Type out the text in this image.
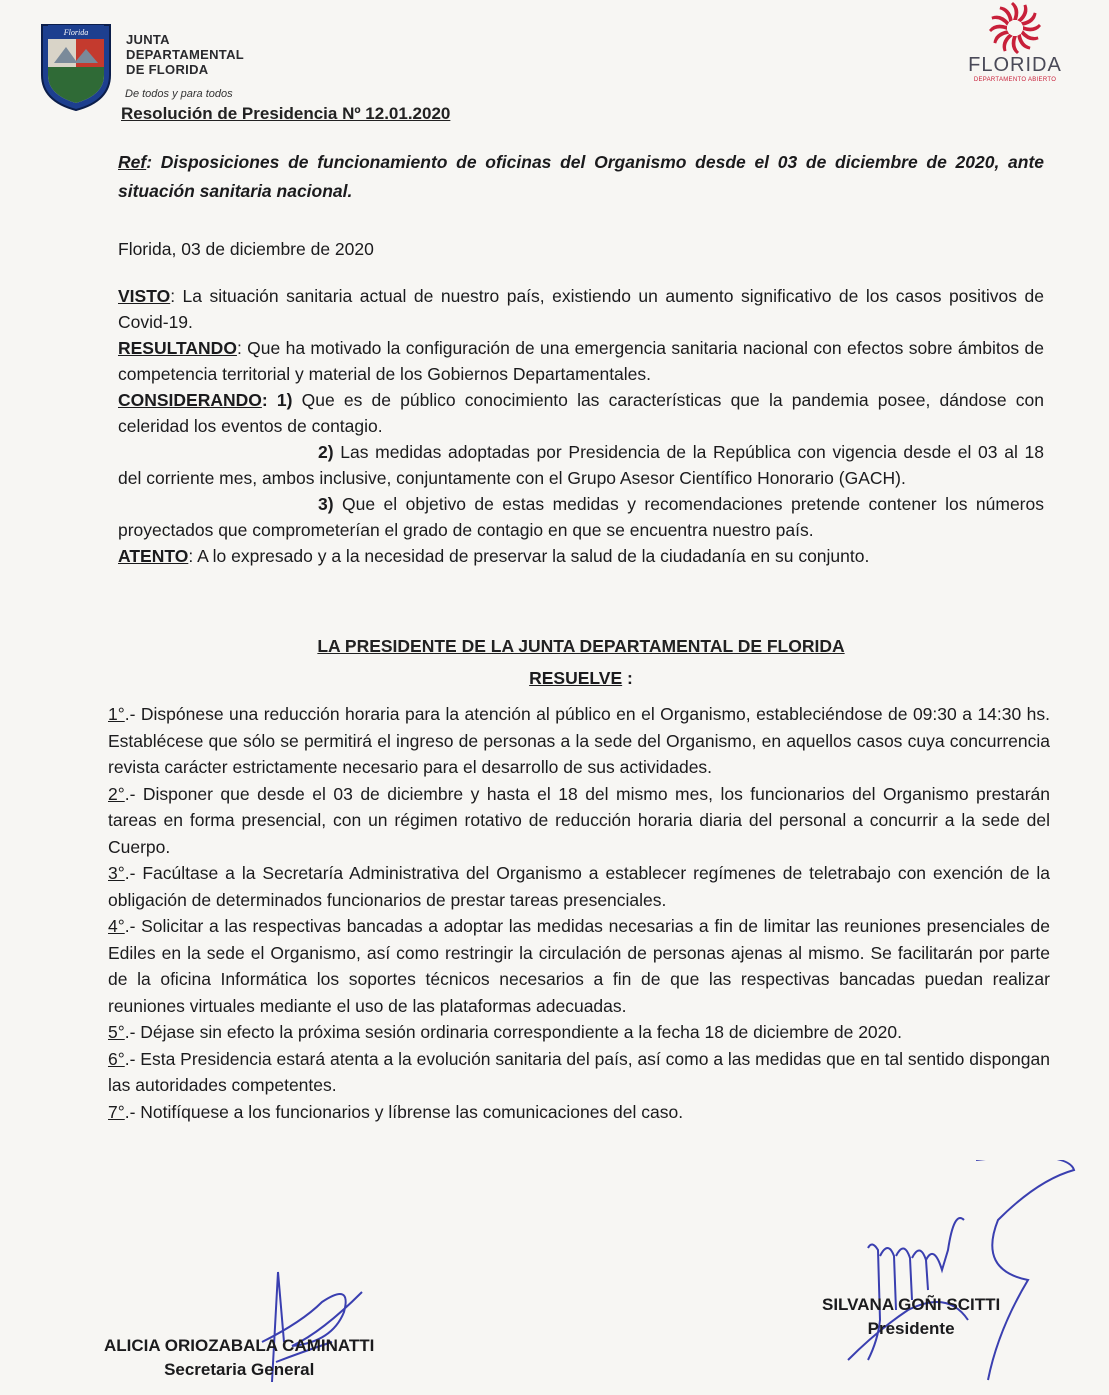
Florida	JUNTA
DEPARTAMENTAL
DE FLORIDA
De todos y para todos
FLORIDA
DEPARTAMENTO ABIERTO
Resolución de Presidencia Nº 12.01.2020
Ref: Disposiciones de funcionamiento de oficinas del Organismo desde el 03 de diciembre de 2020, ante situación sanitaria nacional.
Florida, 03 de diciembre de 2020

VISTO: La situación sanitaria actual de nuestro país, existiendo un aumento significativo de los casos positivos de Covid-19.

RESULTANDO: Que ha motivado la configuración de una emergencia sanitaria nacional con efectos sobre ámbitos de competencia territorial y material de los Gobiernos Departamentales.

CONSIDERANDO: 1) Que es de público conocimiento las características que la pandemia posee, dándose con celeridad los eventos de contagio.

2) Las medidas adoptadas por Presidencia de la República con vigencia desde el 03 al 18 del corriente mes, ambos inclusive, conjuntamente con el Grupo Asesor Científico Honorario (GACH).

3) Que el objetivo de estas medidas y recomendaciones pretende contener los números proyectados que comprometerían el grado de contagio en que se encuentra nuestro país.

ATENTO: A lo expresado y a la necesidad de preservar la salud de la ciudadanía en su conjunto.

LA PRESIDENTE DE LA JUNTA DEPARTAMENTAL DE FLORIDA
RESUELVE :

1°.- Dispónese una reducción horaria para la atención al público en el Organismo, estableciéndose de 09:30 a 14:30 hs. Establécese que sólo se permitirá el ingreso de personas a la sede del Organismo, en aquellos casos cuya concurrencia revista carácter estrictamente necesario para el desarrollo de sus actividades.

2°.- Disponer que desde el 03 de diciembre y hasta el 18 del mismo mes, los funcionarios del Organismo prestarán tareas en forma presencial, con un régimen rotativo de reducción horaria diaria del personal a concurrir a la sede del Cuerpo.

3°.- Facúltase a la Secretaría Administrativa del Organismo a establecer regímenes de teletrabajo con exención de la obligación de determinados funcionarios de prestar tareas presenciales.

4°.- Solicitar a las respectivas bancadas a adoptar las medidas necesarias a fin de limitar las reuniones presenciales de Ediles en la sede el Organismo, así como restringir la circulación de personas ajenas al mismo. Se facilitarán por parte de la oficina Informática los soportes técnicos necesarios a fin de que las respectivas bancadas puedan realizar reuniones virtuales mediante el uso de las plataformas adecuadas.

5°.- Déjase sin efecto la próxima sesión ordinaria correspondiente a la fecha 18 de diciembre de 2020.

6°.- Esta Presidencia estará atenta a la evolución sanitaria del país, así como a las medidas que en tal sentido dispongan las autoridades competentes.

7°.- Notifíquese a los funcionarios y líbrense las comunicaciones del caso.

ALICIA ORIOZABALA CAMINATTI
Secretaria General
SILVANA GOÑI SCITTI
Presidente
